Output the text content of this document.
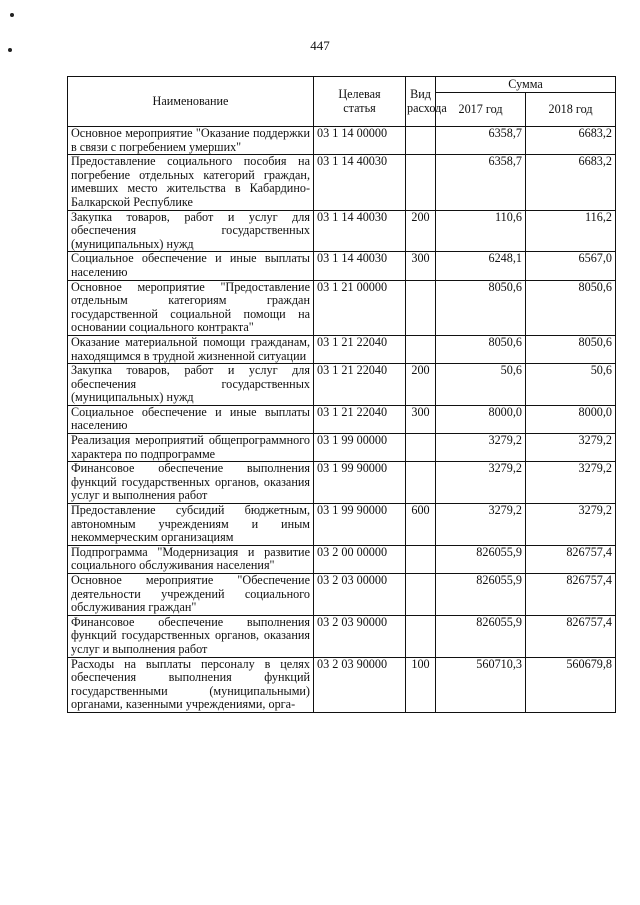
447
Наименование	Целевая статья	Вид расхода	Сумма	
			2017 год	2018 год
Основное мероприятие "Оказание поддержки в связи с погребением умерших"	03 1 14 00000		6358,7	6683,2
Предоставление социального пособия на погребение отдельных категорий граждан, имевших место жительства в Кабардино-Балкарской Республике	03 1 14 40030		6358,7	6683,2
Закупка товаров, работ и услуг для обеспечения государственных (муниципальных) нужд	03 1 14 40030	200	110,6	116,2
Социальное обеспечение и иные выплаты населению	03 1 14 40030	300	6248,1	6567,0
Основное мероприятие "Предоставление отдельным категориям граждан государственной социальной помощи на основании социального контракта"	03 1 21 00000		8050,6	8050,6
Оказание материальной помощи гражданам, находящимся в трудной жизненной ситуации	03 1 21 22040		8050,6	8050,6
Закупка товаров, работ и услуг для обеспечения государственных (муниципальных) нужд	03 1 21 22040	200	50,6	50,6
Социальное обеспечение и иные выплаты населению	03 1 21 22040	300	8000,0	8000,0
Реализация мероприятий общепрограммного характера по подпрограмме	03 1 99 00000		3279,2	3279,2
Финансовое обеспечение выполнения функций государственных органов, оказания услуг и выполнения работ	03 1 99 90000		3279,2	3279,2
Предоставление субсидий бюджетным, автономным учреждениям и иным некоммерческим организациям	03 1 99 90000	600	3279,2	3279,2
Подпрограмма "Модернизация и развитие социального обслуживания населения"	03 2 00 00000		826055,9	826757,4
Основное мероприятие "Обеспечение деятельности учреждений социального обслуживания граждан"	03 2 03 00000		826055,9	826757,4
Финансовое обеспечение выполнения функций государственных органов, оказания услуг и выполнения работ	03 2 03 90000		826055,9	826757,4
Расходы на выплаты персоналу в целях обеспечения выполнения функций государственными (муниципальными) органами, казенными учреждениями, орга-	03 2 03 90000	100	560710,3	560679,8
